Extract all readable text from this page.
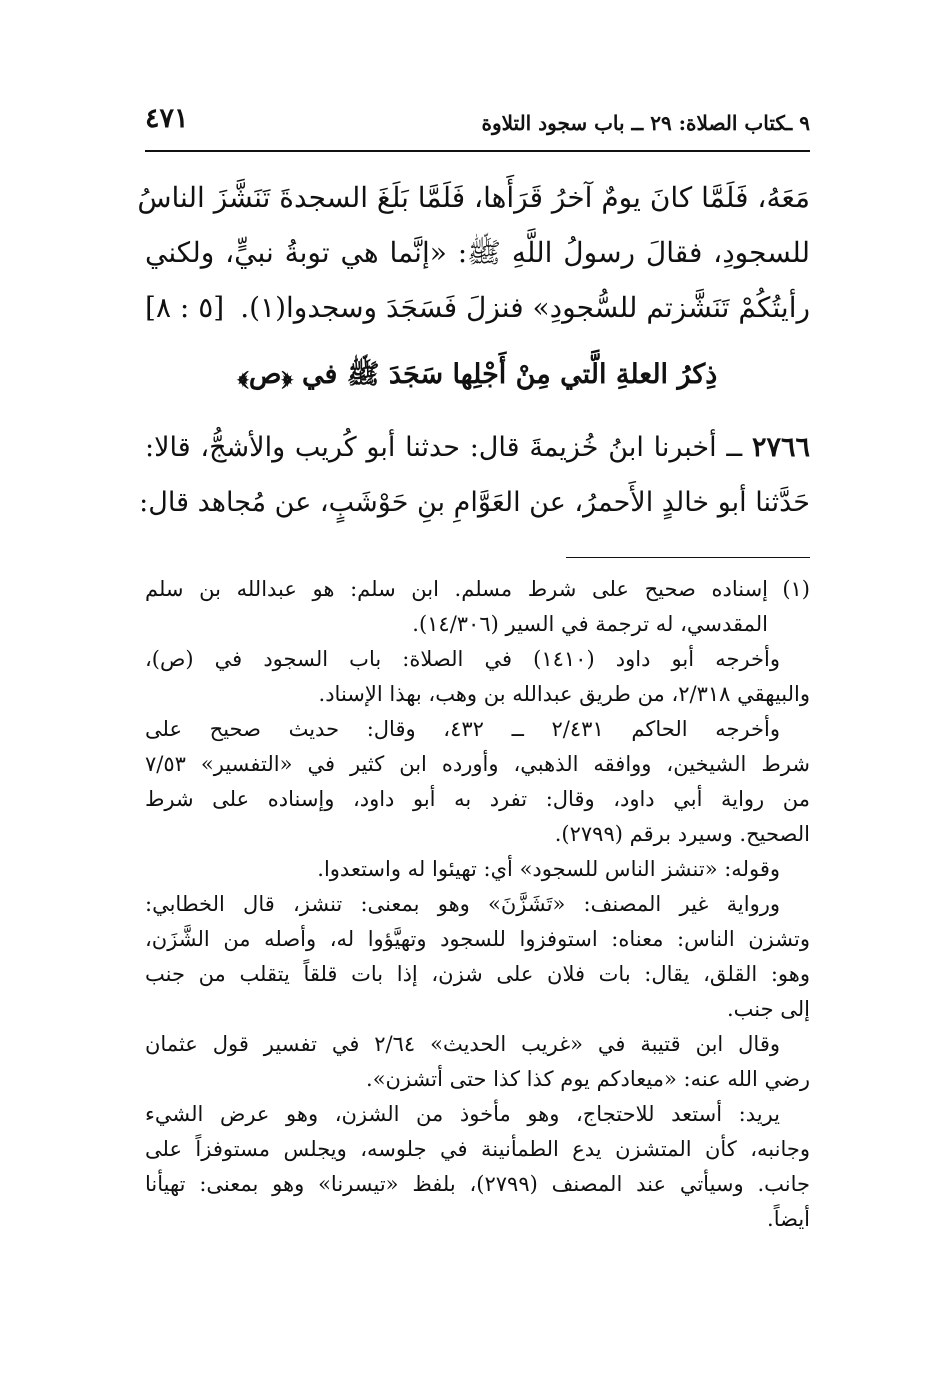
٤٧١	٩ ـكتاب الصلاة: ٢٩ ــ باب سجود التلاوة
مَعَهُ، فَلَمَّا كانَ يومٌ آخرُ قَرَأَها، فَلَمَّا بَلَغَ السجدةَ تَنَشَّزَ الناسُ
للسجودِ، فقالَ رسولُ اللَّهِ ﷺ: «إنَّما هي توبةُ نبيٍّ، ولكني
رأيتُكُمْ تَنَشَّزتم للسُّجودِ» فنزلَ فَسَجَدَ وسجدوا(١).
[٥ : ٨]
ذِكرُ العلةِ الَّتي مِنْ أَجْلِها سَجَدَ ﷺ في ﴿ص﴾
٢٧٦٦ ــ أخبرنا ابنُ خُزيمةَ قال: حدثنا أبو كُريب والأشجُّ، قالا:
حَدَّثنا أبو خالدٍ الأَحمرُ، عن العَوَّامِ بنِ حَوْشَبٍ، عن مُجاهد قال:
(١)
إسناده صحيح على شرط مسلم. ابن سلم: هو عبدالله بن سلم
المقدسي، له ترجمة في السير (١٤/٣٠٦).
وأخرجه أبو داود (١٤١٠) في الصلاة: باب السجود في (ص)،
والبيهقي ٢/٣١٨، من طريق عبدالله بن وهب، بهذا الإسناد.
وأخرجه الحاكم ٢/٤٣١ ــ ٤٣٢، وقال: حديث صحيح على
شرط الشيخين، ووافقه الذهبي، وأورده ابن كثير في «التفسير» ٧/٥٣
من رواية أبي داود، وقال: تفرد به أبو داود، وإسناده على شرط
الصحيح. وسيرد برقم (٢٧٩٩).
وقوله: «تنشز الناس للسجود» أي: تهيئوا له واستعدوا.
ورواية غير المصنف: «تَشَزَّنَ» وهو بمعنى: تنشز، قال الخطابي:
وتشزن الناس: معناه: استوفزوا للسجود وتهيَّؤوا له، وأصله من الشَّزَن،
وهو: القلق، يقال: بات فلان على شزن، إذا بات قلقاً يتقلب من جنب
إلى جنب.
وقال ابن قتيبة في «غريب الحديث» ٢/٦٤ في تفسير قول عثمان
رضي الله عنه: «ميعادكم يوم كذا كذا حتى أتشزن».
يريد: أستعد للاحتجاج، وهو مأخوذ من الشزن، وهو عرض الشيء
وجانبه، كأن المتشزن يدع الطمأنينة في جلوسه، ويجلس مستوفزاً على
جانب. وسيأتي عند المصنف (٢٧٩٩)، بلفظ «تيسرنا» وهو بمعنى: تهيأنا
أيضاً.
